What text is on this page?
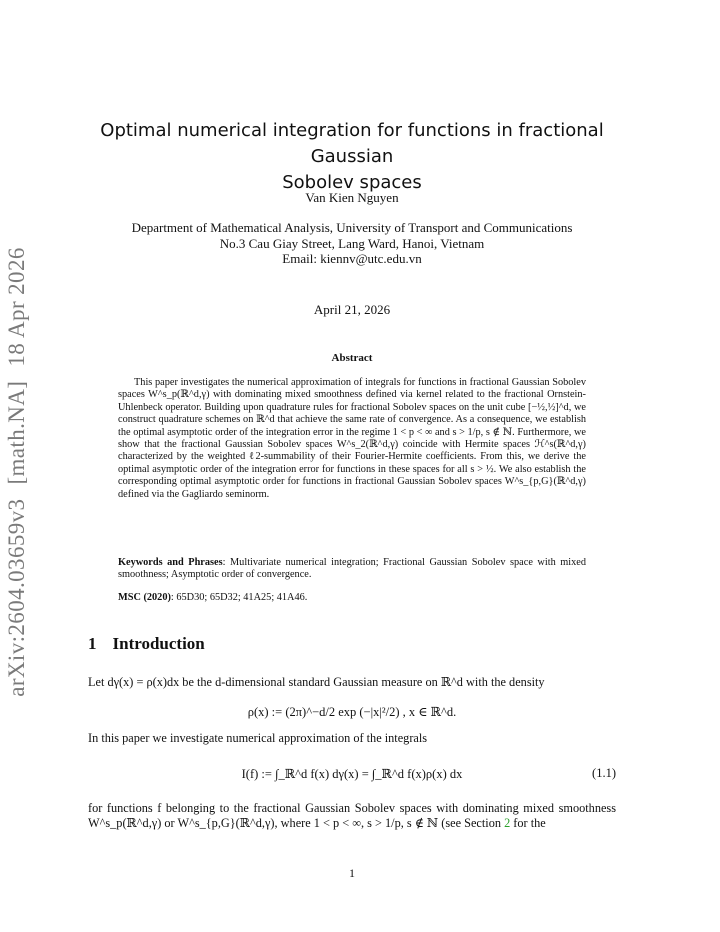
arXiv:2604.03659v3[math.NA]18 Apr 2026
Optimal numerical integration for functions in fractional Gaussian
Sobolev spaces
Van Kien Nguyen
Department of Mathematical Analysis, University of Transport and Communications
No.3 Cau Giay Street, Lang Ward, Hanoi, Vietnam
Email: kiennv@utc.edu.vn
April 21, 2026
Abstract

This paper investigates the numerical approximation of integrals for functions in fractional Gaussian Sobolev spaces W^s_p(ℝ^d,γ) with dominating mixed smoothness defined via kernel related to the fractional Ornstein-Uhlenbeck operator. Building upon quadrature rules for fractional Sobolev spaces on the unit cube [−½,½]^d, we construct quadrature schemes on ℝ^d that achieve the same rate of convergence. As a consequence, we establish the optimal asymptotic order of the integration error in the regime 1 < p < ∞ and s > 1/p, s ∉ ℕ. Furthermore, we show that the fractional Gaussian Sobolev spaces W^s_2(ℝ^d,γ) coincide with Hermite spaces ℋ^s(ℝ^d,γ) characterized by the weighted ℓ2-summability of their Fourier-Hermite coefficients. From this, we derive the optimal asymptotic order of the integration error for functions in these spaces for all s > ½. We also establish the corresponding optimal asymptotic order for functions in fractional Gaussian Sobolev spaces W^s_{p,G}(ℝ^d,γ) defined via the Gagliardo seminorm.

Keywords and Phrases: Multivariate numerical integration; Fractional Gaussian Sobolev space with mixed smoothness; Asymptotic order of convergence.

MSC (2020): 65D30; 65D32; 41A25; 41A46.

1 Introduction
Let dγ(x) = ρ(x)dx be the d-dimensional standard Gaussian measure on ℝ^d with the density
ρ(x) := (2π)^−d/2 exp (−|x|²/2) , x ∈ ℝ^d.
In this paper we investigate numerical approximation of the integrals
I(f) := ∫_ℝ^d f(x) dγ(x) = ∫_ℝ^d f(x)ρ(x) dx	(1.1)
for functions f belonging to the fractional Gaussian Sobolev spaces with dominating mixed smoothness W^s_p(ℝ^d,γ) or W^s_{p,G}(ℝ^d,γ), where 1 < p < ∞, s > 1/p, s ∉ ℕ (see Section 2 for the
1
